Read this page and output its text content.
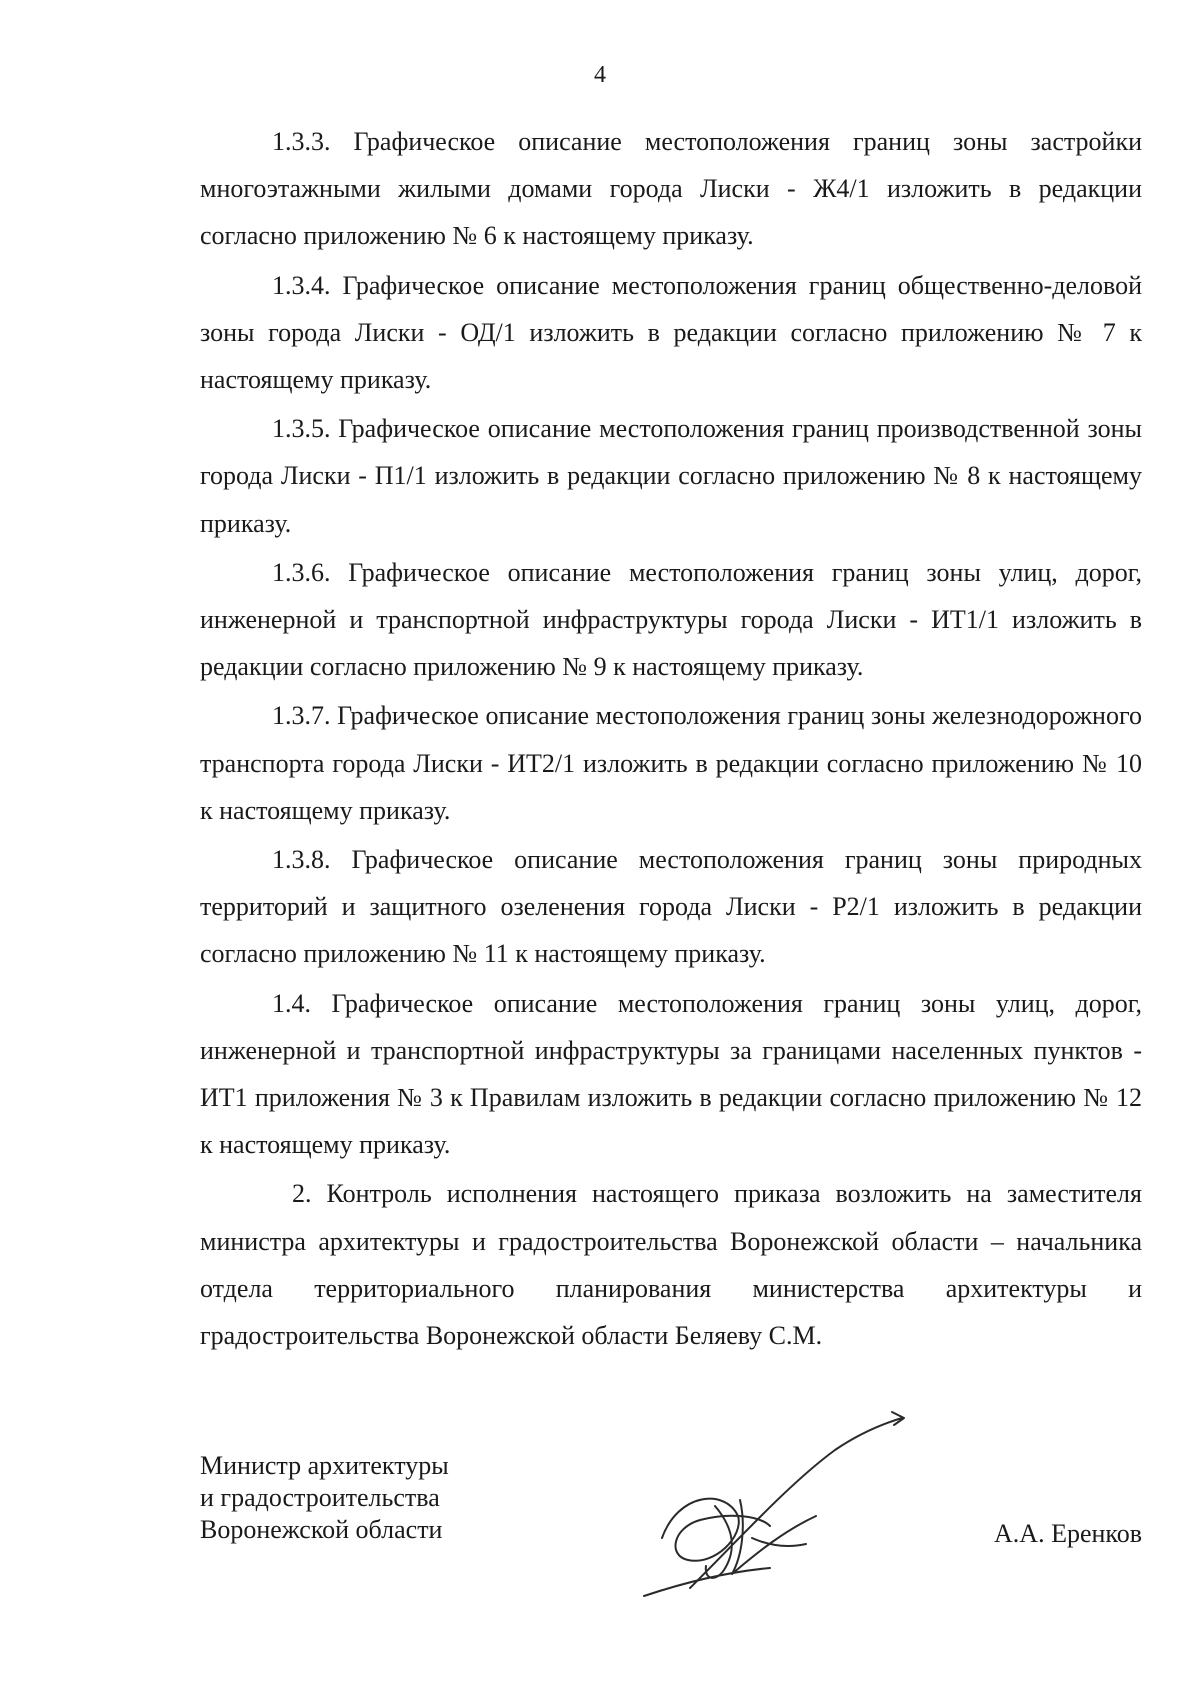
4

1.3.3. Графическое описание местоположения границ зоны застройки многоэтажными жилыми домами города Лиски - Ж4/1 изложить в редакции согласно приложению № 6 к настоящему приказу.

1.3.4. Графическое описание местоположения границ общественно-деловой зоны города Лиски - ОД/1 изложить в редакции согласно приложению № 7 к настоящему приказу.

1.3.5. Графическое описание местоположения границ производственной зоны города Лиски - П1/1 изложить в редакции согласно приложению № 8 к настоящему приказу.

1.3.6. Графическое описание местоположения границ зоны улиц, дорог, инженерной и транспортной инфраструктуры города Лиски - ИТ1/1 изложить в редакции согласно приложению № 9 к настоящему приказу.

1.3.7. Графическое описание местоположения границ зоны железнодорожного транспорта города Лиски - ИТ2/1 изложить в редакции согласно приложению № 10 к настоящему приказу.

1.3.8. Графическое описание местоположения границ зоны природных территорий и защитного озеленения города Лиски - Р2/1 изложить в редакции согласно приложению № 11 к настоящему приказу.

1.4. Графическое описание местоположения границ зоны улиц, дорог, инженерной и транспортной инфраструктуры за границами населенных пунктов - ИТ1 приложения № 3 к Правилам изложить в редакции согласно приложению № 12 к настоящему приказу.

2. Контроль исполнения настоящего приказа возложить на заместителя министра архитектуры и градостроительства Воронежской области – начальника отдела территориального планирования министерства архитектуры и градостроительства Воронежской области Беляеву С.М.

Министр архитектуры
и градостроительства
Воронежской области	А.А. Еренков
